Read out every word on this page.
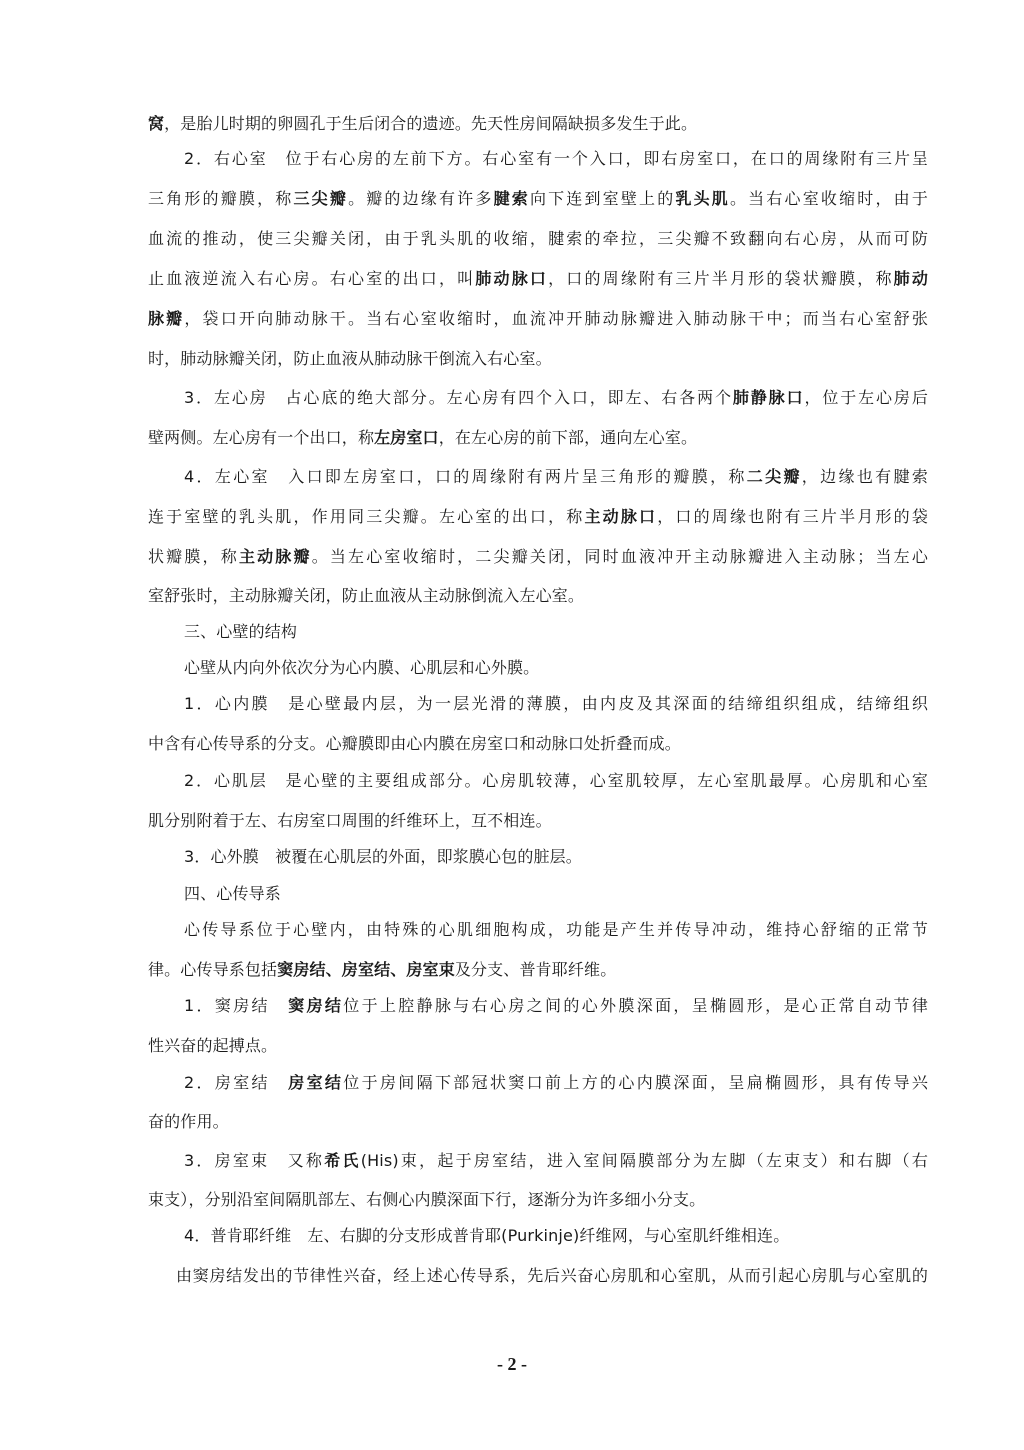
窝，是胎儿时期的卵圆孔于生后闭合的遗迹。先天性房间隔缺损多发生于此。
2．右心室　位于右心房的左前下方。右心室有一个入口，即右房室口，在口的周缘附有三片呈
三角形的瓣膜，称三尖瓣。瓣的边缘有许多腱索向下连到室壁上的乳头肌。当右心室收缩时，由于
血流的推动，使三尖瓣关闭，由于乳头肌的收缩，腱索的牵拉，三尖瓣不致翻向右心房，从而可防
止血液逆流入右心房。右心室的出口，叫肺动脉口，口的周缘附有三片半月形的袋状瓣膜，称肺动
脉瓣，袋口开向肺动脉干。当右心室收缩时，血流冲开肺动脉瓣进入肺动脉干中；而当右心室舒张
时，肺动脉瓣关闭，防止血液从肺动脉干倒流入右心室。
3．左心房　占心底的绝大部分。左心房有四个入口，即左、右各两个肺静脉口，位于左心房后
壁两侧。左心房有一个出口，称左房室口，在左心房的前下部，通向左心室。
4．左心室　入口即左房室口，口的周缘附有两片呈三角形的瓣膜，称二尖瓣，边缘也有腱索
连于室壁的乳头肌，作用同三尖瓣。左心室的出口，称主动脉口，口的周缘也附有三片半月形的袋
状瓣膜，称主动脉瓣。当左心室收缩时，二尖瓣关闭，同时血液冲开主动脉瓣进入主动脉；当左心
室舒张时，主动脉瓣关闭，防止血液从主动脉倒流入左心室。
三、心壁的结构
心壁从内向外依次分为心内膜、心肌层和心外膜。
1．心内膜　是心壁最内层，为一层光滑的薄膜，由内皮及其深面的结缔组织组成，结缔组织
中含有心传导系的分支。心瓣膜即由心内膜在房室口和动脉口处折叠而成。
2．心肌层　是心壁的主要组成部分。心房肌较薄，心室肌较厚，左心室肌最厚。心房肌和心室
肌分别附着于左、右房室口周围的纤维环上，互不相连。
3．心外膜　被覆在心肌层的外面，即浆膜心包的脏层。
四、心传导系
心传导系位于心壁内，由特殊的心肌细胞构成，功能是产生并传导冲动，维持心舒缩的正常节
律。心传导系包括窦房结、房室结、房室束及分支、普肯耶纤维。
1．窦房结　窦房结位于上腔静脉与右心房之间的心外膜深面，呈椭圆形，是心正常自动节律
性兴奋的起搏点。
2．房室结　房室结位于房间隔下部冠状窦口前上方的心内膜深面，呈扁椭圆形，具有传导兴
奋的作用。
3．房室束　又称希氏(His)束，起于房室结，进入室间隔膜部分为左脚（左束支）和右脚（右
束支），分别沿室间隔肌部左、右侧心内膜深面下行，逐渐分为许多细小分支。
4．普肯耶纤维　左、右脚的分支形成普肯耶(Purkinje)纤维网，与心室肌纤维相连。
由窦房结发出的节律性兴奋，经上述心传导系，先后兴奋心房肌和心室肌，从而引起心房肌与心室肌的
- 2 -
